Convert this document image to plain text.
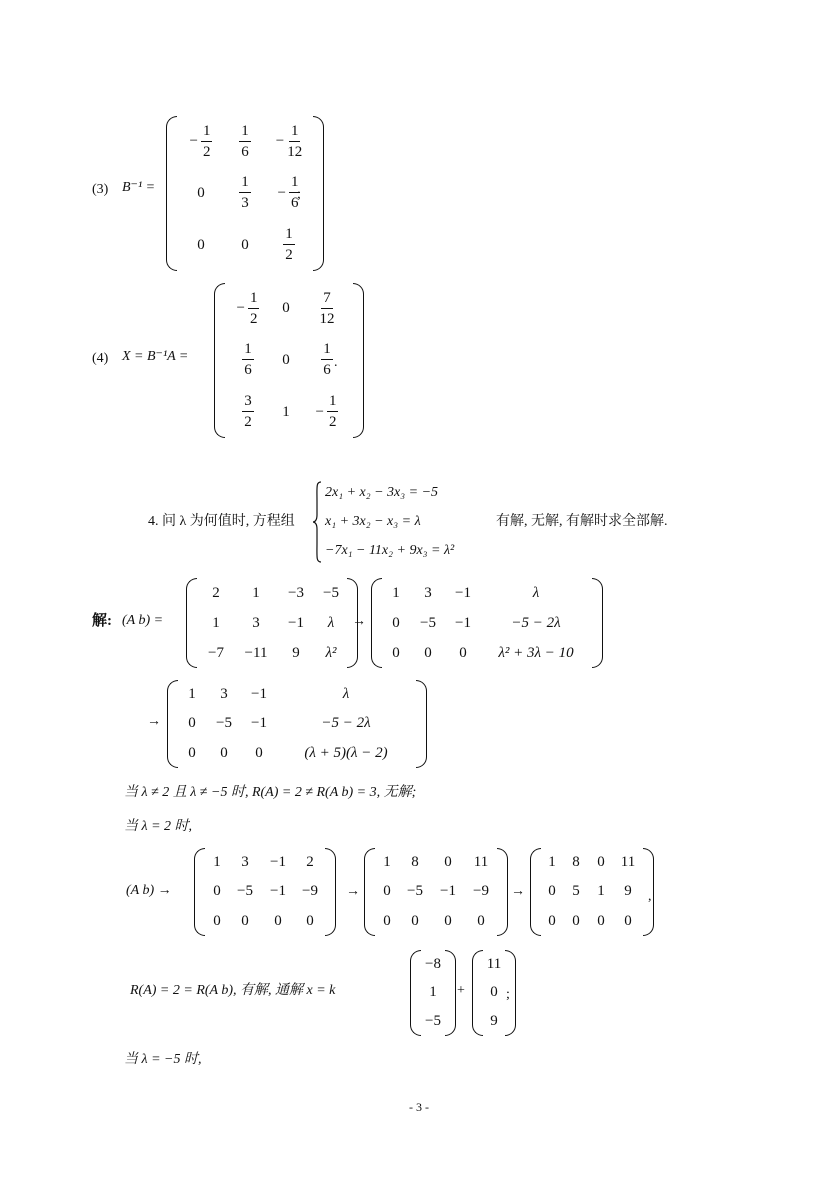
(3) B⁻¹ =
− $\frac{1}{2} \frac{1}{6} - \frac{1}{12}$
$0 \frac{1}{3} - \frac{1}{6}$
0 $0 \frac{1}{2}$
;
(4) X = B⁻¹A =
− $\frac{1}{2} 0 \frac{7}{12}$
$\frac{1}{6} 0 \frac{1}{6}$
$\frac{3}{2} 1 - \frac{1}{2}$
.
4. 问 λ 为何值时, 方程组
2x₁ + x₂ − 3x₃ = −5
x₁ + 3x₂ − x₃ = λ
−7x₁ − 11x₂ + 9x₃ = λ²
有解, 无解, 有解时求全部解.
解: (A b) =
2 1 −3 −5
1 3 −1 λ
−7 −11 9 λ²
→
1 3 −1	λ
0 −5 −1	−5 − 2λ
0 0 0 λ² + 3λ − 10
→
1 3 −1	λ
0 −5 −1	−5 − 2λ
0 0 0	(λ + 5)(λ − 2)
当 λ ≠ 2 且 λ ≠ −5 时, R(A) = 2 ≠ R(A b) = 3, 无解;
当 λ = 2 时,
(A b) →
1 3 −1 2
0 −5 −1 −9
0 0 0 0
→
1 8 0 11
0 −5 −1 −9
0 0 0 0
→
1 8 0 11
0 5 1 9
0 0 0 0
,
R(A) = 2 = R(A b), 有解, 通解 x = k
−8
1
−5
+
11
0
9
;
当 λ = −5 时,
- 3 -
